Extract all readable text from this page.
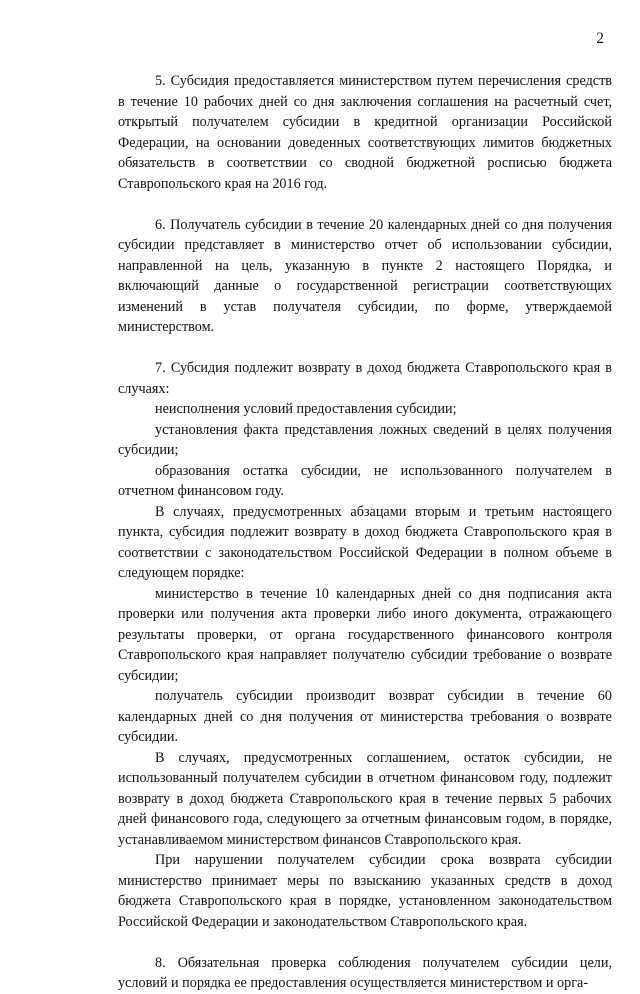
2

5. Субсидия предоставляется министерством путем перечисления средств в течение 10 рабочих дней со дня заключения соглашения на расчетный счет, открытый получателем субсидии в кредитной организации Российской Федерации, на основании доведенных соответствующих лимитов бюджетных обязательств в соответствии со сводной бюджетной росписью бюджета Ставропольского края на 2016 год.

6. Получатель субсидии в течение 20 календарных дней со дня получения субсидии представляет в министерство отчет об использовании субсидии, направленной на цель, указанную в пункте 2 настоящего Порядка, и включающий данные о государственной регистрации соответствующих изменений в устав получателя субсидии, по форме, утверждаемой министерством.

7. Субсидия подлежит возврату в доход бюджета Ставропольского края в случаях:

неисполнения условий предоставления субсидии;

установления факта представления ложных сведений в целях получения субсидии;

образования остатка субсидии, не использованного получателем в отчетном финансовом году.

В случаях, предусмотренных абзацами вторым и третьим настоящего пункта, субсидия подлежит возврату в доход бюджета Ставропольского края в соответствии с законодательством Российской Федерации в полном объеме в следующем порядке:

министерство в течение 10 календарных дней со дня подписания акта проверки или получения акта проверки либо иного документа, отражающего результаты проверки, от органа государственного финансового контроля Ставропольского края направляет получателю субсидии требование о возврате субсидии;

получатель субсидии производит возврат субсидии в течение 60 календарных дней со дня получения от министерства требования о возврате субсидии.

В случаях, предусмотренных соглашением, остаток субсидии, не использованный получателем субсидии в отчетном финансовом году, подлежит возврату в доход бюджета Ставропольского края в течение первых 5 рабочих дней финансового года, следующего за отчетным финансовым годом, в порядке, устанавливаемом министерством финансов Ставропольского края.

При нарушении получателем субсидии срока возврата субсидии министерство принимает меры по взысканию указанных средств в доход бюджета Ставропольского края в порядке, установленном законодательством Российской Федерации и законодательством Ставропольского края.

8. Обязательная проверка соблюдения получателем субсидии цели, условий и порядка ее предоставления осуществляется министерством и орга-
